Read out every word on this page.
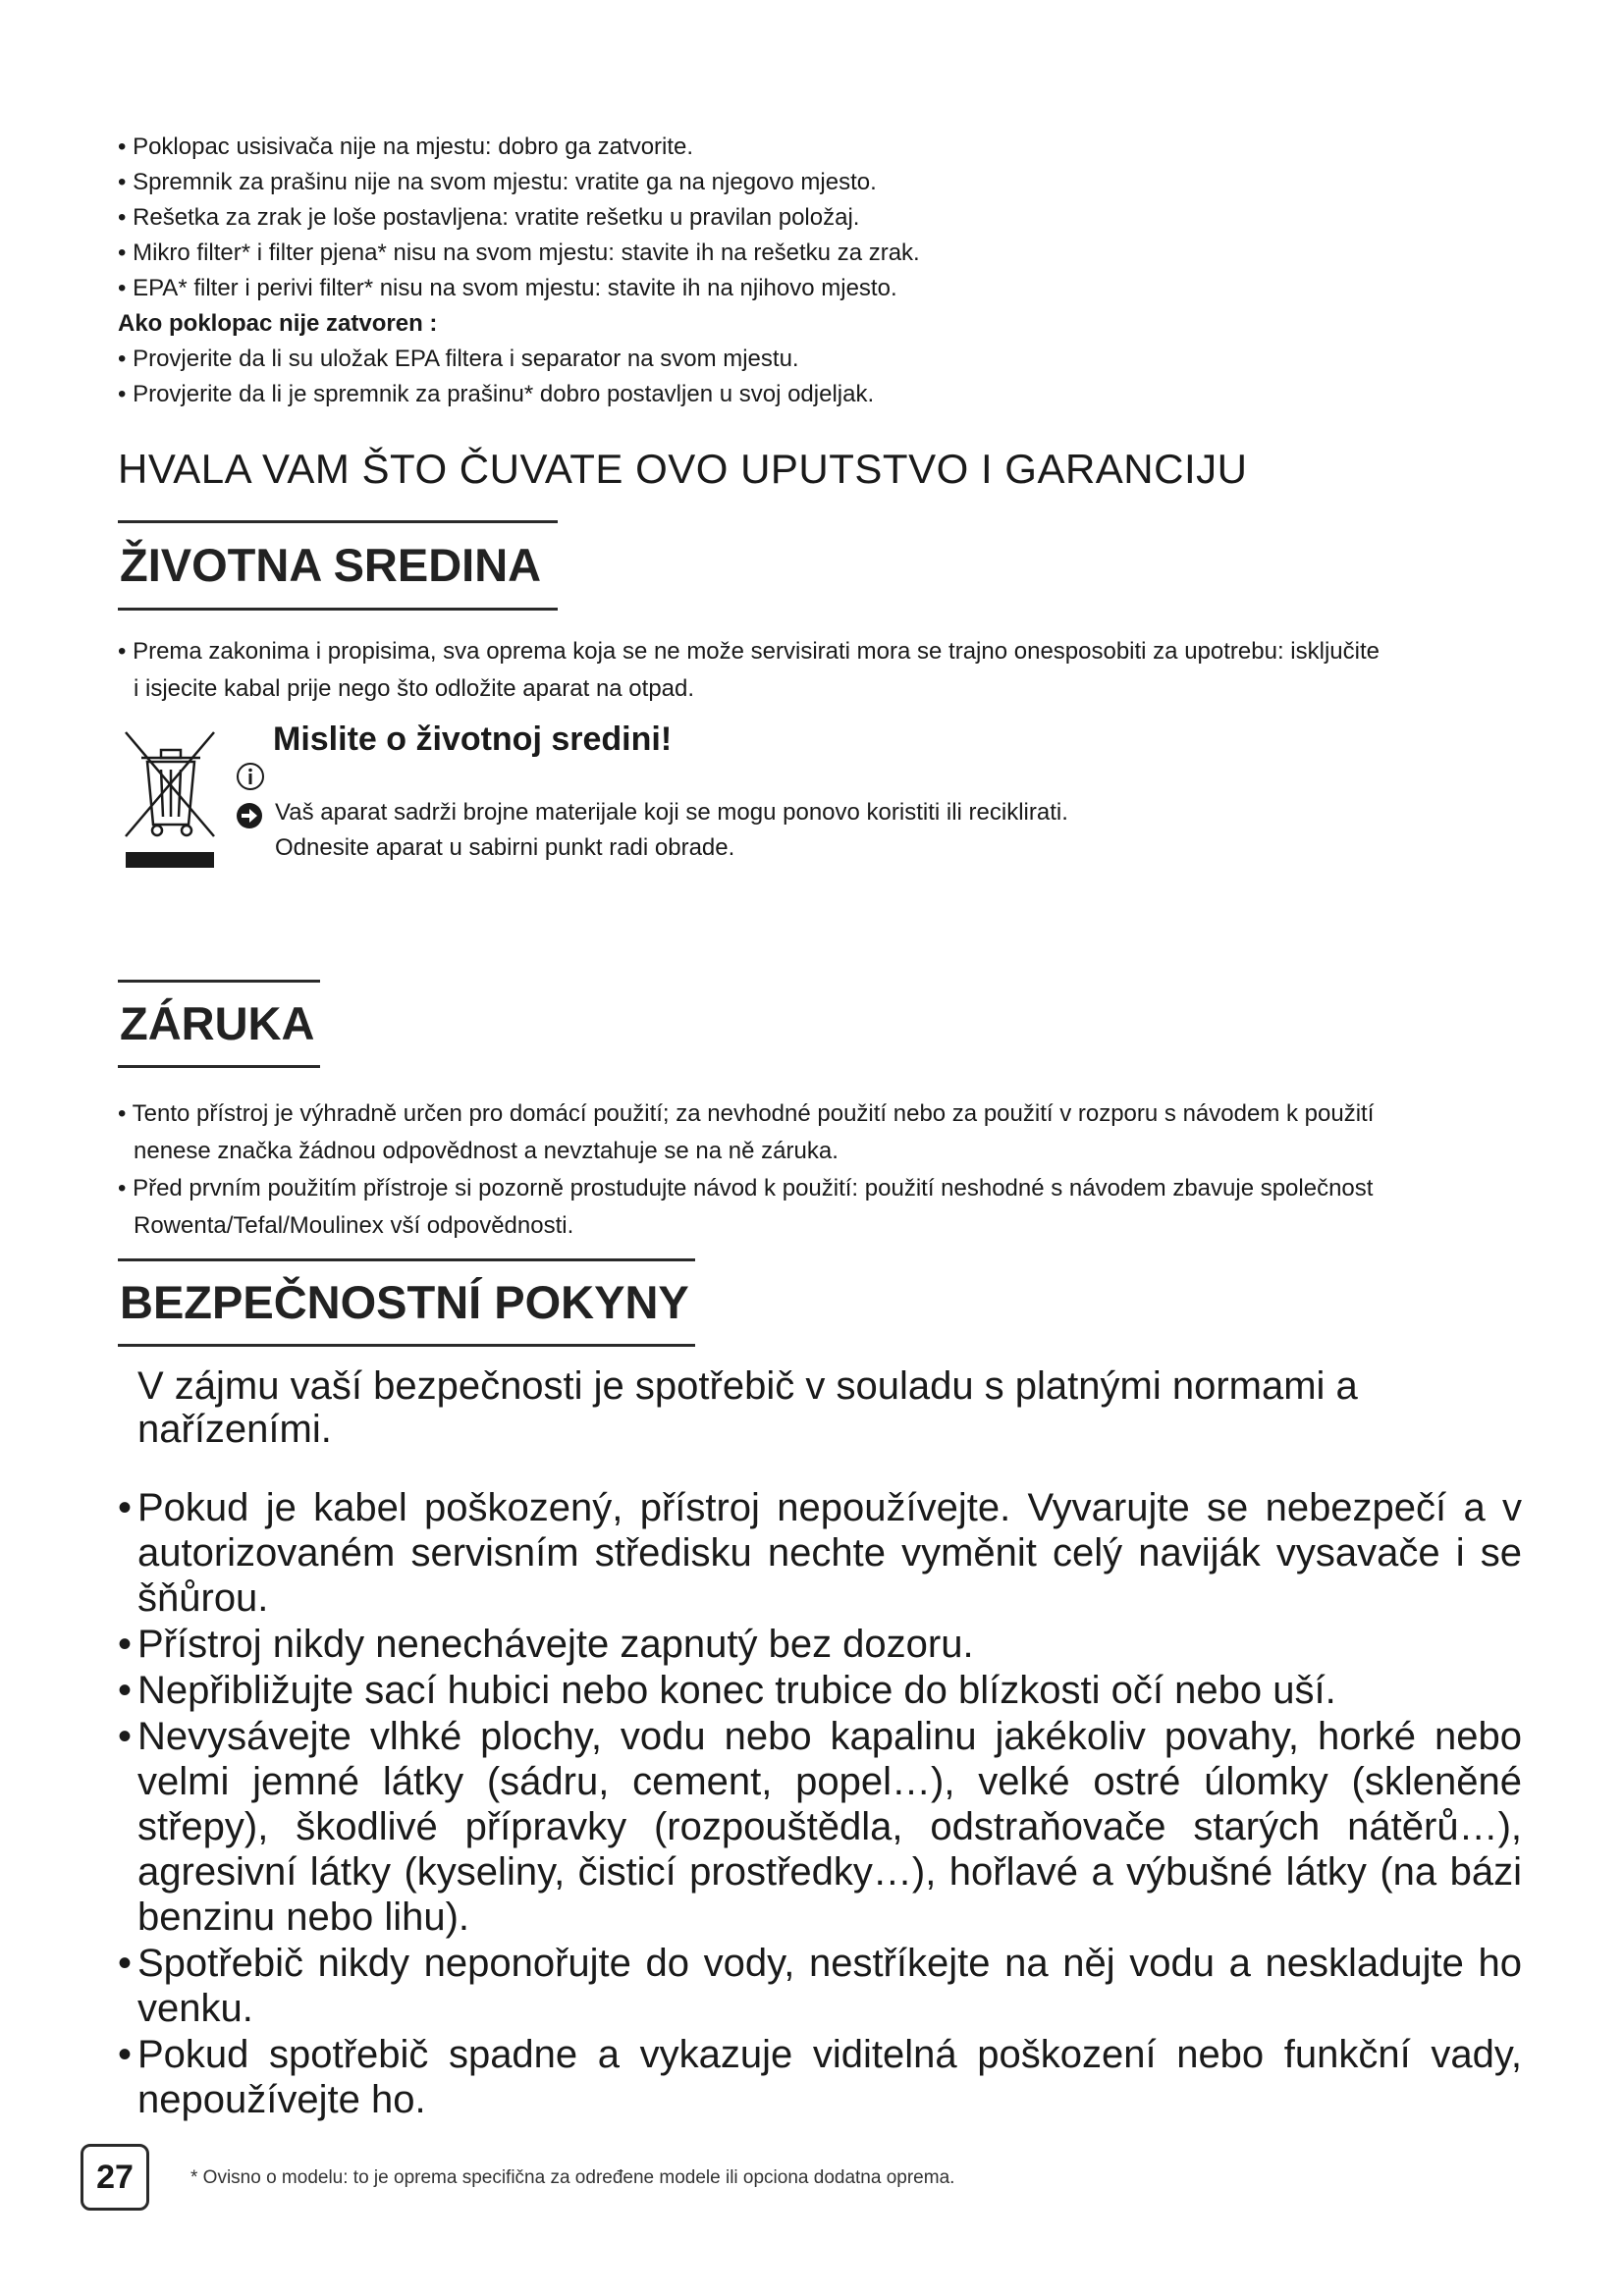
• Poklopac usisivača nije na mjestu: dobro ga zatvorite.

• Spremnik za prašinu nije na svom mjestu: vratite ga na njegovo mjesto.

• Rešetka za zrak je loše postavljena: vratite rešetku u pravilan položaj.

• Mikro filter* i filter pjena* nisu na svom mjestu: stavite ih na rešetku za zrak.

• EPA* filter i perivi filter* nisu na svom mjestu: stavite ih na njihovo mjesto.

Ako poklopac nije zatvoren :

• Provjerite da li su uložak EPA filtera i separator na svom mjestu.

• Provjerite da li je spremnik za prašinu* dobro postavljen u svoj odjeljak.

HVALA VAM ŠTO ČUVATE OVO UPUTSTVO I GARANCIJU
ŽIVOTNA SREDINA

• Prema zakonima i propisima, sva oprema koja se ne može servisirati mora se trajno onesposobiti za upotrebu: isključite

i isjecite kabal prije nego što odložite aparat na otpad.

Mislite o životnoj sredini!
Vaš aparat sadrži brojne materijale koji se mogu ponovo koristiti ili reciklirati.
Odnesite aparat u sabirni punkt radi obrade.
ZÁRUKA

• Tento přístroj je výhradně určen pro domácí použití; za nevhodné použití nebo za použití v rozporu s návodem k použití

nenese značka žádnou odpovědnost a nevztahuje se na ně záruka.

• Před prvním použitím přístroje si pozorně prostudujte návod k použití: použití neshodné s návodem zbavuje společnost

Rowenta/Tefal/Moulinex vší odpovědnosti.

BEZPEČNOSTNÍ POKYNY
V zájmu vaší bezpečnosti je spotřebič v souladu s platnými normami a nařízeními.

• Pokud je kabel poškozený, přístroj nepoužívejte. Vyvarujte se nebezpečí a v autorizovaném servisním středisku nechte vyměnit celý naviják vysavače i se šňůrou.

• Přístroj nikdy nenechávejte zapnutý bez dozoru.

• Nepřibližujte sací hubici nebo konec trubice do blízkosti očí nebo uší.

• Nevysávejte vlhké plochy, vodu nebo kapalinu jakékoliv povahy, horké nebo velmi jemné látky (sádru, cement, popel…), velké ostré úlomky (skleněné střepy), škodlivé přípravky (rozpouštědla, odstraňovače starých nátěrů…), agresivní látky (kyseliny, čisticí prostředky…), hořlavé a výbušné látky (na bázi benzinu nebo lihu).

• Spotřebič nikdy neponořujte do vody, nestříkejte na něj vodu a neskladujte ho venku.

• Pokud spotřebič spadne a vykazuje viditelná poškození nebo funkční vady, nepoužívejte ho.

27	* Ovisno o modelu: to je oprema specifična za određene modele ili opciona dodatna oprema.
